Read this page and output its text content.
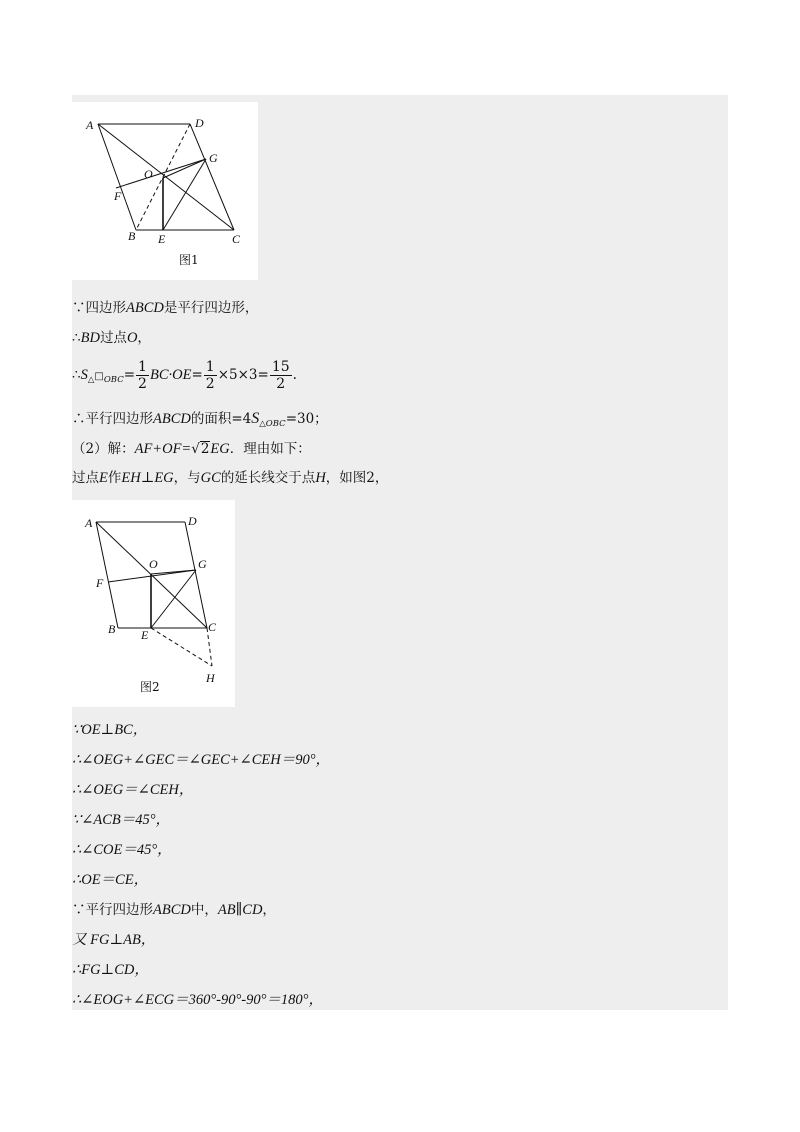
A	D
G
O
F
B E	C
图1
∵四边形ABCD是平行四边形，
∴BD过点O，
$\therefore S_\triangle□_{OBC}= \frac{1}{2} BC\cdot OE= \frac{1}{2} \times 5\times 3= \frac{15}{2}$ .
∴平行四边形ABCD的面积$=4S_{\triangle OBC}=30$；
（2）解：AF+OF=√2EG．理由如下：
过点E作EH⊥EG，与GC的延长线交于点H，如图2，
A	D
O	G
F
B E
C
H
图2
∵OE⊥BC，
∴∠OEG+∠GEC＝∠GEC+∠CEH＝90°，
∴∠OEG＝∠CEH，
∵∠ACB＝45°，
∴∠COE＝45°，
∴OE＝CE，
∵平行四边形ABCD中，AB∥CD，
又 FG⊥AB，
∴FG⊥CD，
∴∠EOG+∠ECG＝360°-90°-90°＝180°，
